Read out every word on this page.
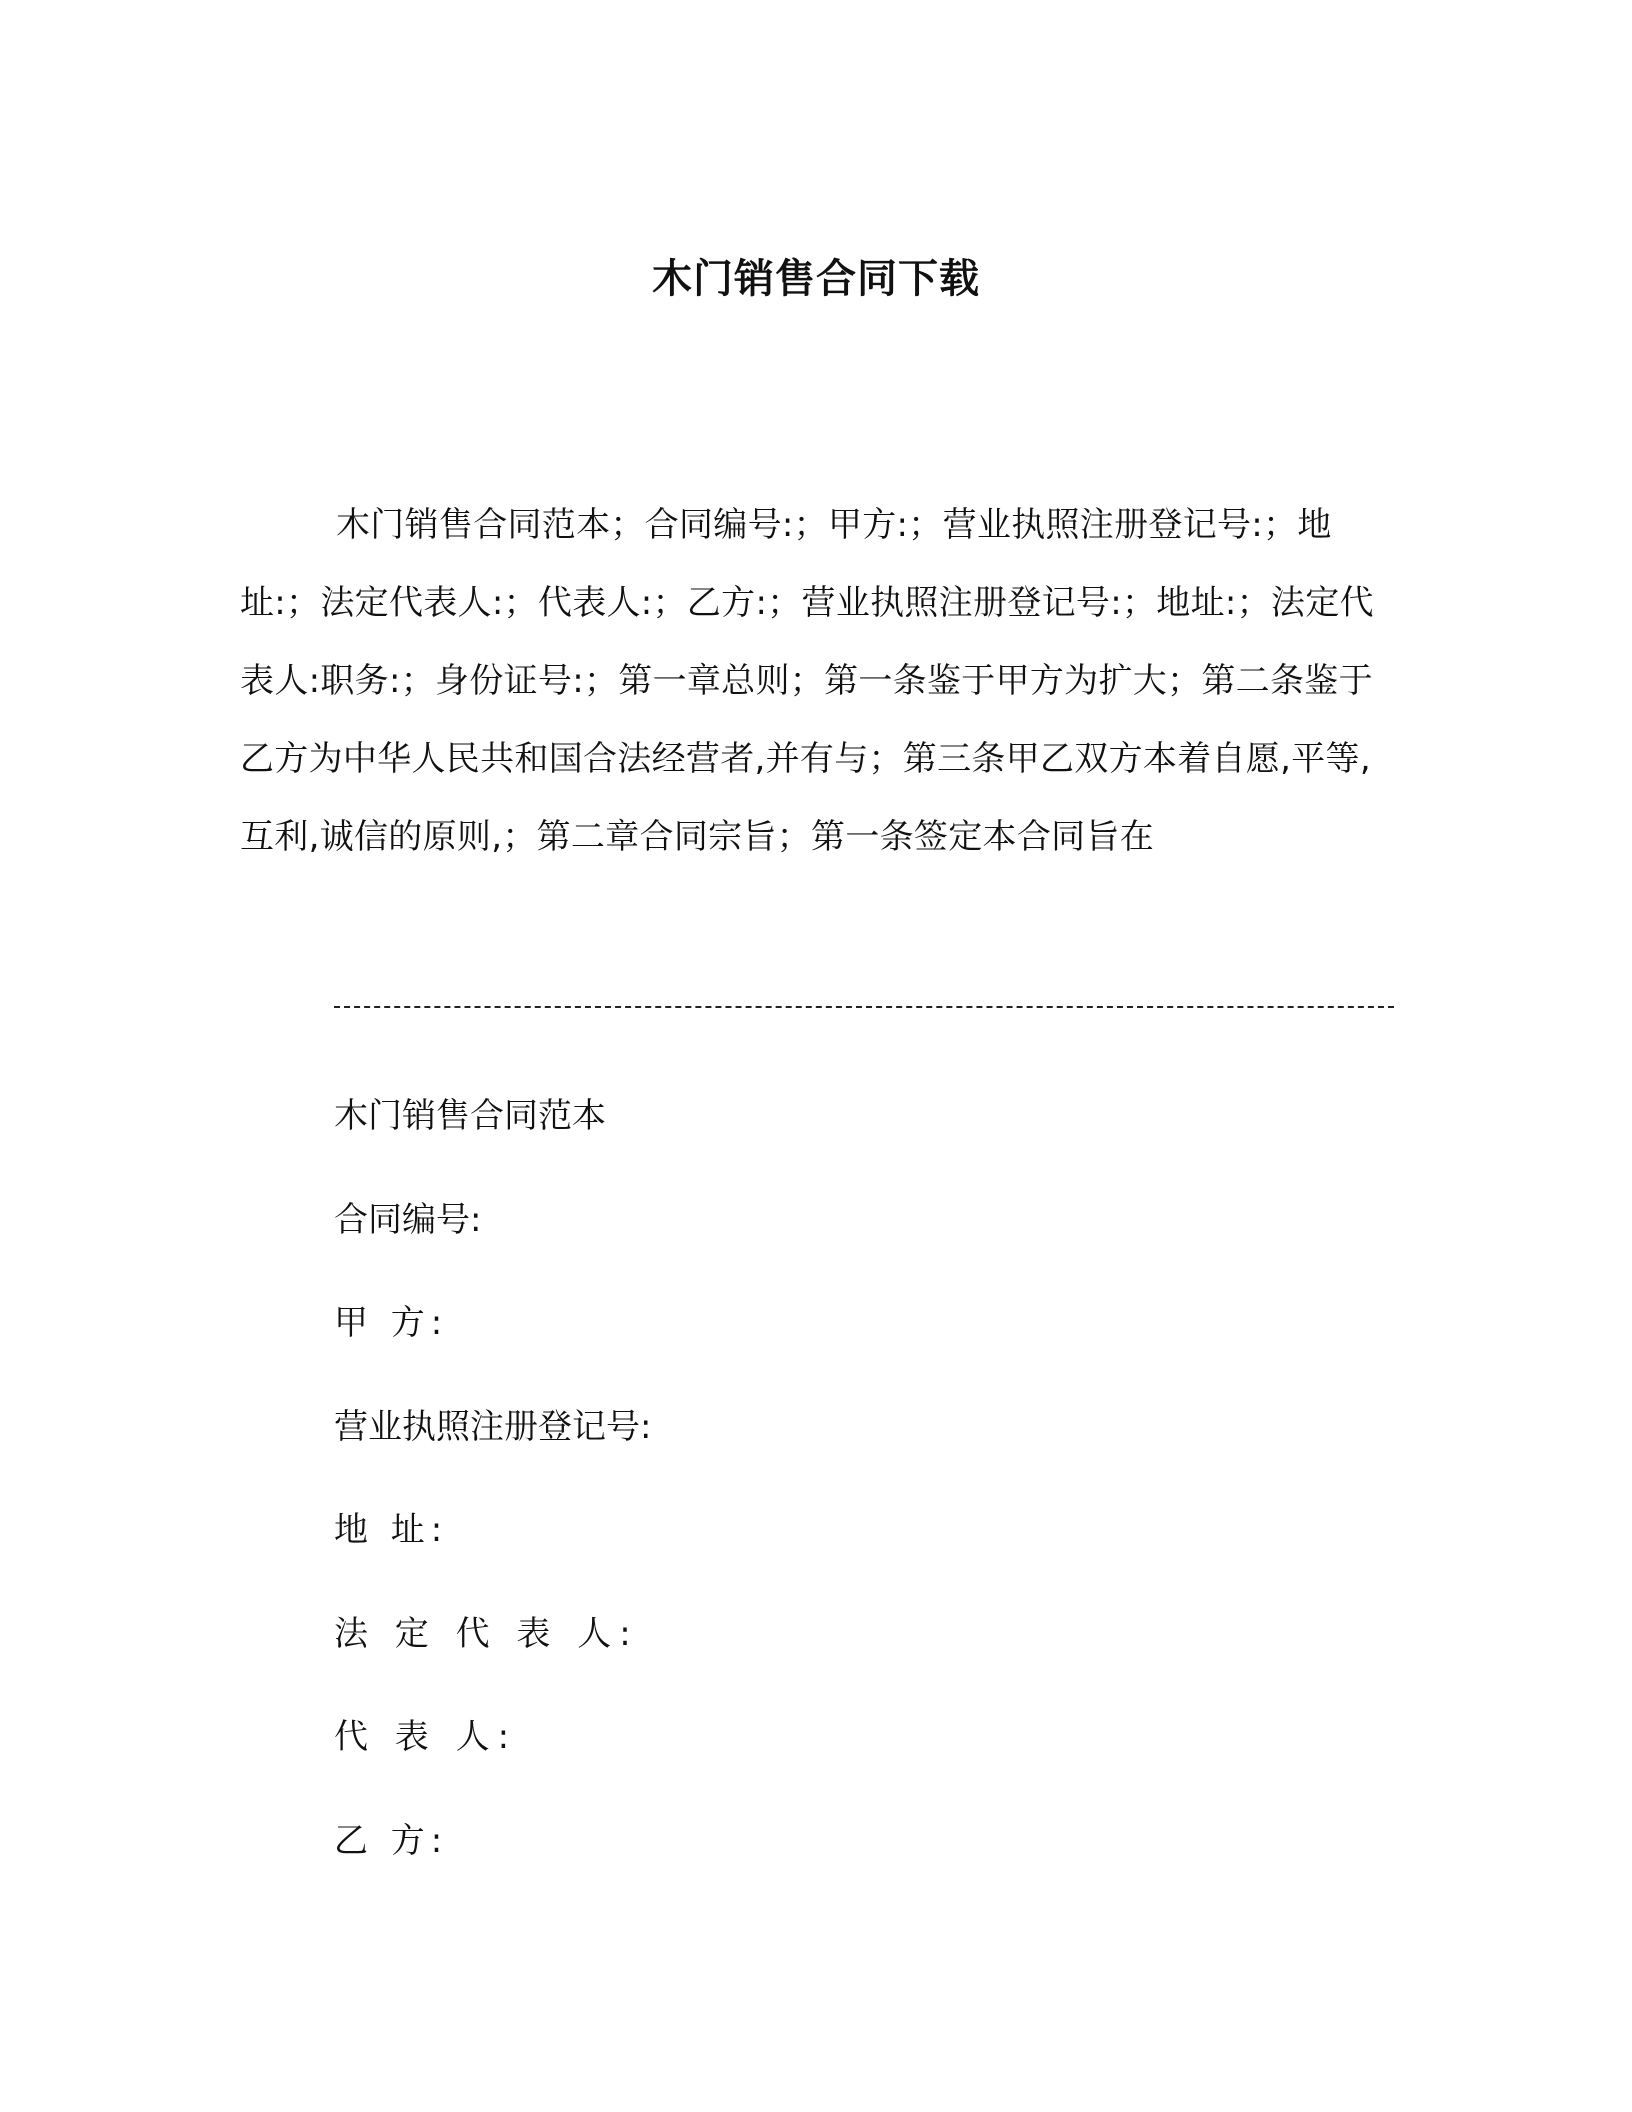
木门销售合同下载

木门销售合同范本；合同编号:；甲方:；营业执照注册登记号:；地址:；法定代表人:；代表人:；乙方:；营业执照注册登记号:；地址:；法定代表人:职务:；身份证号:；第一章总则；第一条鉴于甲方为扩大；第二条鉴于乙方为中华人民共和国合法经营者,并有与；第三条甲乙双方本着自愿,平等,互利,诚信的原则,；第二章合同宗旨；第一条签定本合同旨在

木门销售合同范本

合同编号:

甲 方:

营业执照注册登记号:

地 址:

法 定 代 表 人:

代 表 人:

乙 方:
